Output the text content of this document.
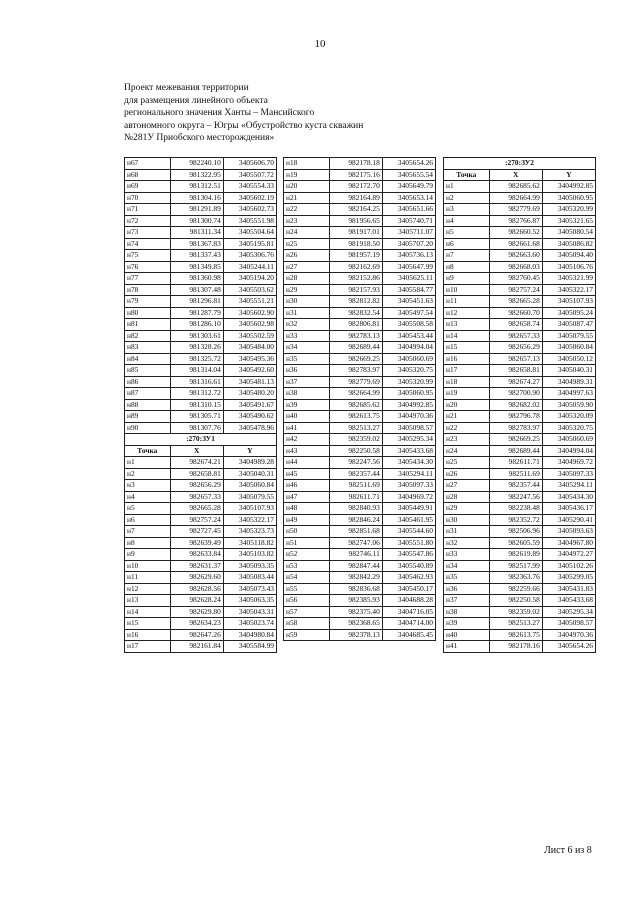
10
Проект межевания территории
для размещения линейного объекта
регионального значения Ханты – Мансийского
автономного округа – Югры «Обустройство куста скважин
№281У Приобского месторождения»
н67	982240.10	3405606.70
н68	981322.95	3405507.72
н69	981312.51	3405554.33
н70	981304.16	3405602.19
н71	981291.89	3405602.73
н72	981300.74	3405551.98
н73	981311.34	3405504.64
н74	981367.83	3405195.81
н75	981337.43	3405306.76
н76	981349.85	3405244.11
н77	981360.98	3405194.20
н78	981307.48	3405503.62
н79	981296.81	3405551.21
н80	981287.79	3405602.90
н81	981286.10	3405602.98
н82	981303.61	3405502.59
н83	981328.26	3405484.00
н84	981325.72	3405495.36
н85	981314.04	3405492.60
н86	981316.61	3405481.13
н87	981312.72	3405480.20
н88	981310.15	3405491.67
н89	981305.71	3405490.62
н90	981307.76	3405478.96
:270:ЗУ1		
Точка	X	Y
н1	982674.21	3404989.28
н2	982658.81	3405040.31
н3	982656.29	3405060.84
н4	982657.33	3405079.55
н5	982665.28	3405107.93
н6	982757.24	3405322.17
н7	982727.45	3405323.73
н8	982639.49	3405118.82
н9	982633.84	3405103.82
н10	982631.37	3405093.35
н11	982629.60	3405083.44
н12	982628.56	3405073.43
н13	982628.24	3405063.35
н14	982629.80	3405043.31
н15	982634.23	3405023.74
н16	982647.26	3404980.84
н17	982161.84	3405584.99
н18	982178.18	3405654.26
н19	982175.16	3405655.54
н20	982172.70	3405649.79
н21	982164.89	3405653.14
н22	982164.25	3405651.66
н23	981956.65	3405740.71
н24	981917.01	3405711.07
н25	981918.50	3405707.20
н26	981957.19	3405736.13
н27	982162.69	3405647.99
н28	982152.86	3405625.11
н29	982157.93	3405584.77
н30	982812.82	3405451.63
н31	982832.54	3405497.54
н32	982806.81	3405508.58
н33	982783.13	3405453.44
н34	982689.44	3404994.04
н35	982669.25	3405060.69
н36	982783.97	3405320.75
н37	982779.69	3405320.99
н38	982664.99	3405060.95
н39	982685.62	3404992.85
н40	982613.75	3404970.36
н41	982513.27	3405098.57
н42	982359.02	3405295.34
н43	982250.58	3405433.68
н44	982247.56	3405434.30
н45	982357.44	3405294.11
н46	982511.69	3405097.33
н47	982611.71	3404969.72
н48	982840.93	3405449.91
н49	982846.24	3405461.95
н50	982851.68	3405544.60
н51	982747.06	3405551.80
н52	982746.11	3405547.86
н53	982847.44	3405540.89
н54	982842.29	3405462.93
н55	982836.68	3405450.17
н56	982385.93	3404688.28
н57	982375.40	3404716.05
н58	982368.65	3404714.00
н59	982378.13	3404685.45
:270:ЗУ2		
Точка	X	Y
н1	982685.62	3404992.85
н2	982664.99	3405060.95
н3	982779.69	3405320.99
н4	982766.87	3405321.65
н5	982660.52	3405080.54
н6	982661.68	3405086.82
н7	982663.60	3405094.40
н8	982668.03	3405106.76
н9	982760.45	3405321.99
н10	982757.24	3405322.17
н11	982665.28	3405107.93
н12	982660.70	3405095.24
н13	982658.74	3405087.47
н14	982657.33	3405079.55
н15	982656.29	3405060.84
н16	982657.13	3405050.12
н17	982658.81	3405040.31
н18	982674.27	3404989.31
н19	982700.90	3404997.63
н20	982682.02	3405059.90
н21	982796.78	3405320.09
н22	982783.97	3405320.75
н23	982669.25	3405060.69
н24	982689.44	3404994.04
н25	982611.71	3404969.72
н26	982511.69	3405097.33
н27	982357.44	3405294.11
н28	982247.56	3405434.30
н29	982238.48	3405436.17
н30	982352.72	3405290.41
н31	982506.96	3405093.63
н32	982605.59	3404967.80
н33	982619.89	3404972.27
н34	982517.99	3405102.26
н35	982363.76	3405299.05
н36	982259.66	3405431.83
н37	982250.58	3405433.68
н38	982359.02	3405295.34
н39	982513.27	3405098.57
н40	982613.75	3404970.36
н41	982178.16	3405654.26
Лист 6 из 8
